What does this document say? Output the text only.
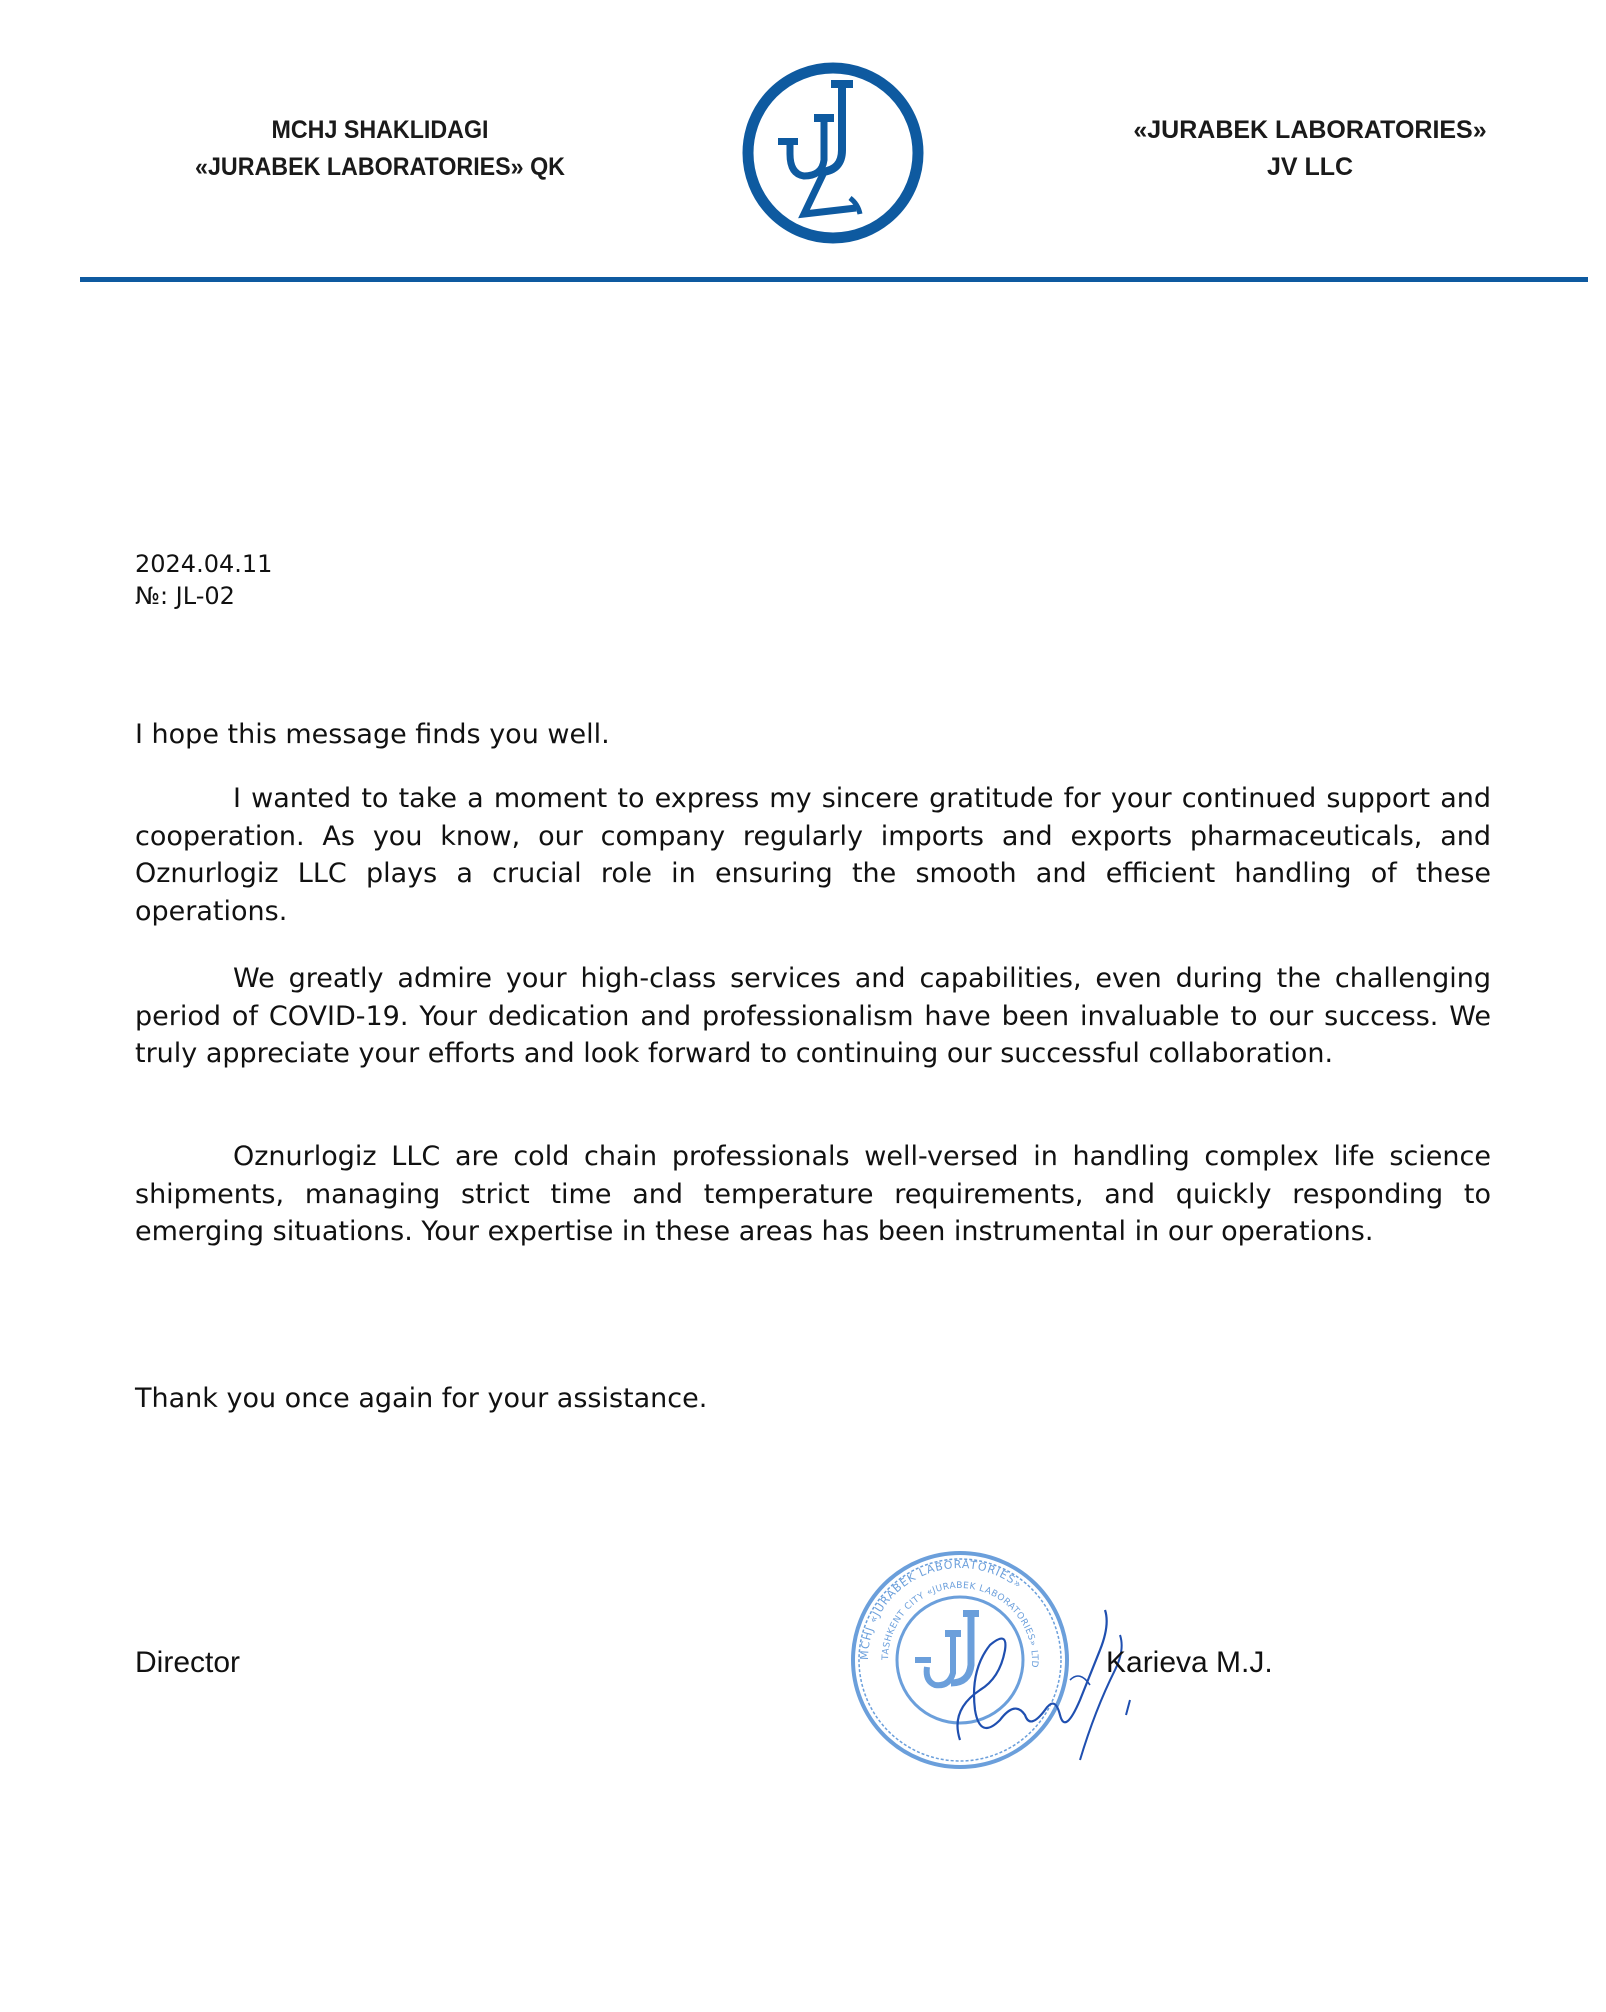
MCHJ SHAKLIDAGI
«JURABEK LABORATORIES» QK
«JURABEK LABORATORIES»
JV LLC
2024.04.11
№: JL-02
I hope this message finds you well.
I wanted to take a moment to express my sincere gratitude for your continued support and cooperation. As you know, our company regularly imports and exports pharmaceuticals, and Oznurlogiz LLC plays a crucial role in ensuring the smooth and efficient handling of these operations.
We greatly admire your high-class services and capabilities, even during the challenging period of COVID-19. Your dedication and professionalism have been invaluable to our success. We truly appreciate your efforts and look forward to continuing our successful collaboration.
Oznurlogiz LLC are cold chain professionals well-versed in handling complex life science shipments, managing strict time and temperature requirements, and quickly responding to emerging situations. Your expertise in these areas has been instrumental in our operations.
Thank you once again for your assistance.
Director	MCHJ «JURABEK LABORATORIES»
TASHKENT CITY «JURABEK LABORATORIES» LTD Karieva M.J.
